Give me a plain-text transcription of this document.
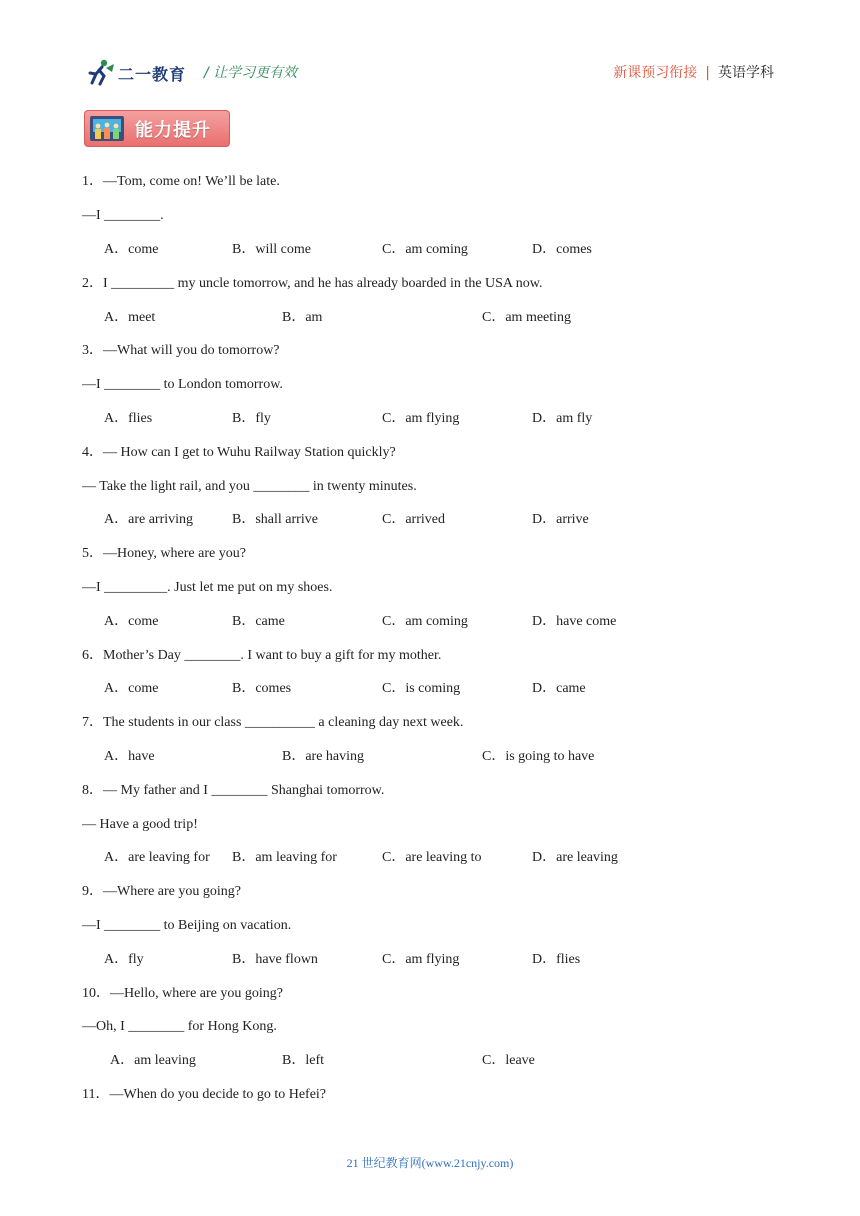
二一教育 / 让学习更有效	新课预习衔接 | 英语学科
能力提升
1．—Tom, come on! We’ll be late.
—I ________.
A．come	B．will come	C．am coming	D．comes
2．I _________ my uncle tomorrow, and he has already boarded in the USA now.
A．meet	B．am	C．am meeting
3．—What will you do tomorrow?
—I ________ to London tomorrow.
A．flies	B．fly	C．am flying	D．am fly
4．— How can I get to Wuhu Railway Station quickly?
— Take the light rail, and you ________ in twenty minutes.
A．are arriving	B．shall arrive	C．arrived	D．arrive
5．—Honey, where are you?
—I _________. Just let me put on my shoes.
A．come	B．came	C．am coming	D．have come
6．Mother’s Day ________. I want to buy a gift for my mother.
A．come	B．comes	C．is coming	D．came
7．The students in our class __________ a cleaning day next week.
A．have	B．are having	C．is going to have
8．— My father and I ________ Shanghai tomorrow.
— Have a good trip!
A．are leaving for B．am leaving for	C．are leaving to	D．are leaving
9．—Where are you going?
—I ________ to Beijing on vacation.
A．fly	B．have flown	C．am flying	D．flies
10．—Hello, where are you going?
—Oh, I ________ for Hong Kong.
A．am leaving	B．left	C．leave
11．—When do you decide to go to Hefei?
21 世纪教育网(www.21cnjy.com)
